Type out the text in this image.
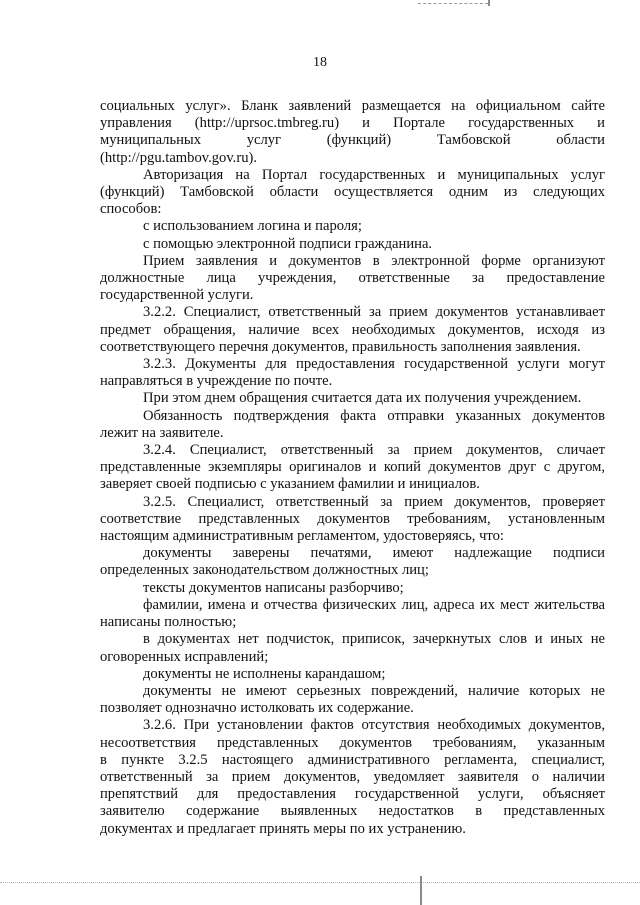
18
социальных услуг». Бланк заявлений размещается на официальном сайте
управления (http://uprsoc.tmbreg.ru) и Портале государственных и
муниципальных услуг (функций) Тамбовской области
(http://pgu.tambov.gov.ru).
Авторизация на Портал государственных и муниципальных услуг
(функций) Тамбовской области осуществляется одним из следующих
способов:
с использованием логина и пароля;
с помощью электронной подписи гражданина.
Прием заявления и документов в электронной форме организуют
должностные лица учреждения, ответственные за предоставление
государственной услуги.
3.2.2. Специалист, ответственный за прием документов устанавливает
предмет обращения, наличие всех необходимых документов, исходя из
соответствующего перечня документов, правильность заполнения заявления.
3.2.3. Документы для предоставления государственной услуги могут
направляться в учреждение по почте.
При этом днем обращения считается дата их получения учреждением.
Обязанность подтверждения факта отправки указанных документов
лежит на заявителе.
3.2.4. Специалист, ответственный за прием документов, сличает
представленные экземпляры оригиналов и копий документов друг с другом,
заверяет своей подписью с указанием фамилии и инициалов.
3.2.5. Специалист, ответственный за прием документов, проверяет
соответствие представленных документов требованиям, установленным
настоящим административным регламентом, удостоверяясь, что:
документы заверены печатями, имеют надлежащие подписи
определенных законодательством должностных лиц;
тексты документов написаны разборчиво;
фамилии, имена и отчества физических лиц, адреса их мест жительства
написаны полностью;
в документах нет подчисток, приписок, зачеркнутых слов и иных не
оговоренных исправлений;
документы не исполнены карандашом;
документы не имеют серьезных повреждений, наличие которых не
позволяет однозначно истолковать их содержание.
3.2.6. При установлении фактов отсутствия необходимых документов,
несоответствия представленных документов требованиям, указанным
в пункте 3.2.5 настоящего административного регламента, специалист,
ответственный за прием документов, уведомляет заявителя о наличии
препятствий для предоставления государственной услуги, объясняет
заявителю содержание выявленных недостатков в представленных
документах и предлагает принять меры по их устранению.
